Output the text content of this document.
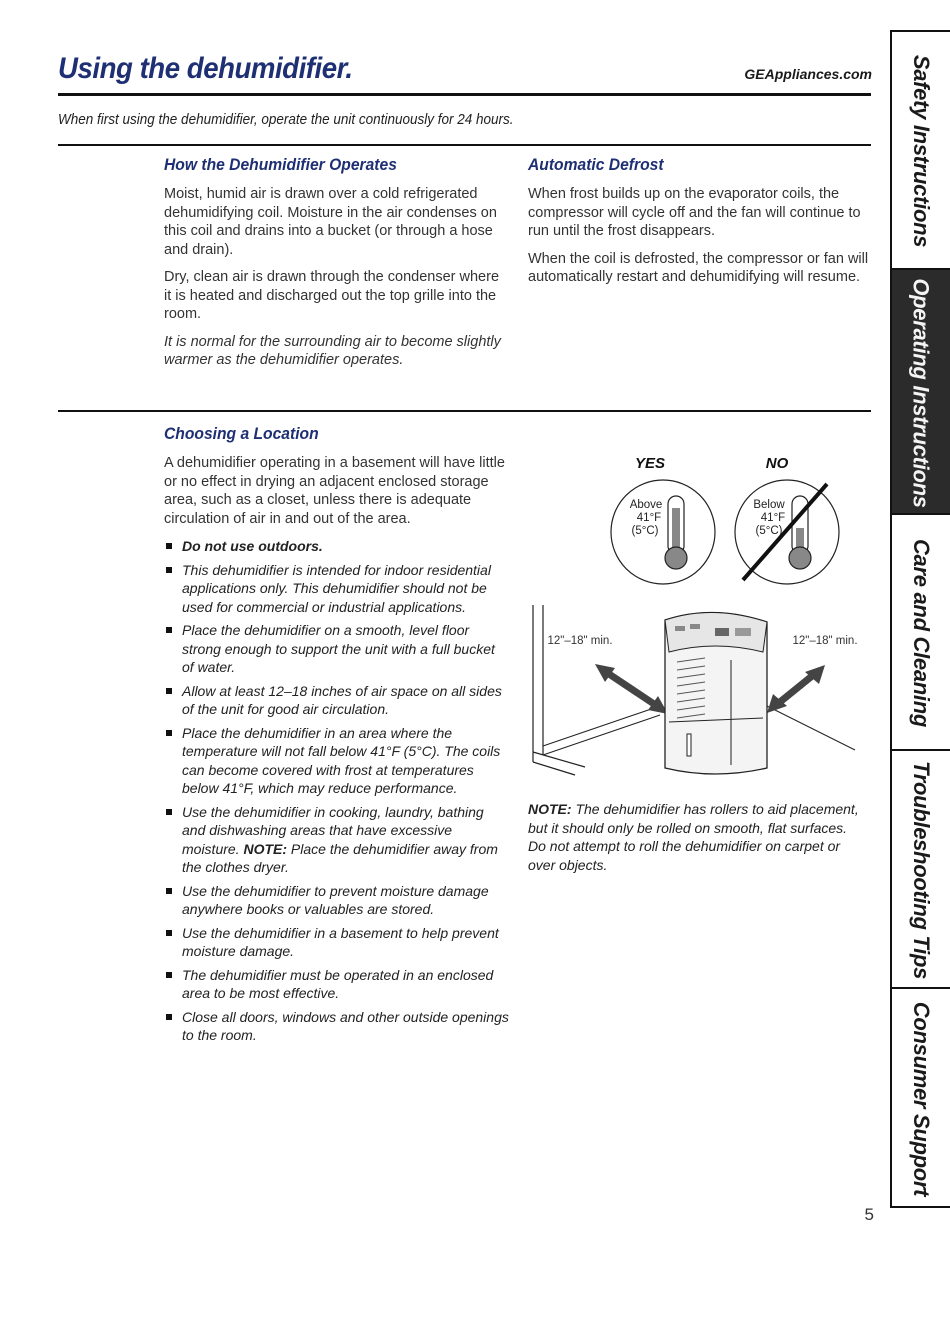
Using the dehumidifier.	GEAppliances.com
When first using the dehumidifier, operate the unit continuously for 24 hours.
How the Dehumidifier Operates

Moist, humid air is drawn over a cold refrigerated dehumidifying coil. Moisture in the air condenses on this coil and drains into a bucket (or through a hose and drain).

Dry, clean air is drawn through the condenser where it is heated and discharged out the top grille into the room.

It is normal for the surrounding air to become slightly warmer as the dehumidifier operates.

Automatic Defrost

When frost builds up on the evaporator coils, the compressor will cycle off and the fan will continue to run until the frost disappears.

When the coil is defrosted, the compressor or fan will automatically restart and dehumidifying will resume.

Choosing a Location
A dehumidifier operating in a basement will have little or no effect in drying an adjacent enclosed storage area, such as a closet, unless there is adequate circulation of air in and out of the area.
Do not use outdoors.
This dehumidifier is intended for indoor residential applications only. This dehumidifier should not be used for commercial or industrial applications.
Place the dehumidifier on a smooth, level floor strong enough to support the unit with a full bucket of water.
Allow at least 12–18 inches of air space on all sides of the unit for good air circulation.
Place the dehumidifier in an area where the temperature will not fall below 41°F (5°C). The coils can become covered with frost at temperatures below 41°F, which may reduce performance.
Use the dehumidifier in cooking, laundry, bathing and dishwashing areas that have excessive moisture. NOTE: Place the dehumidifier away from the clothes dryer.
Use the dehumidifier to prevent moisture damage anywhere books or valuables are stored.
Use the dehumidifier in a basement to help prevent moisture damage.
The dehumidifier must be operated in an enclosed area to be most effective.
Close all doors, windows and other outside openings to the room.
YES	NO
Above
41°F
(5°C)
Below
41°F
(5°C)
12"–18" min.	12"–18" min.
NOTE: The dehumidifier has rollers to aid placement, but it should only be rolled on smooth, flat surfaces. Do not attempt to roll the dehumidifier on carpet or over objects.
5
Safety Instructions
Operating Instructions
Care and Cleaning
Troubleshooting Tips
Consumer Support
